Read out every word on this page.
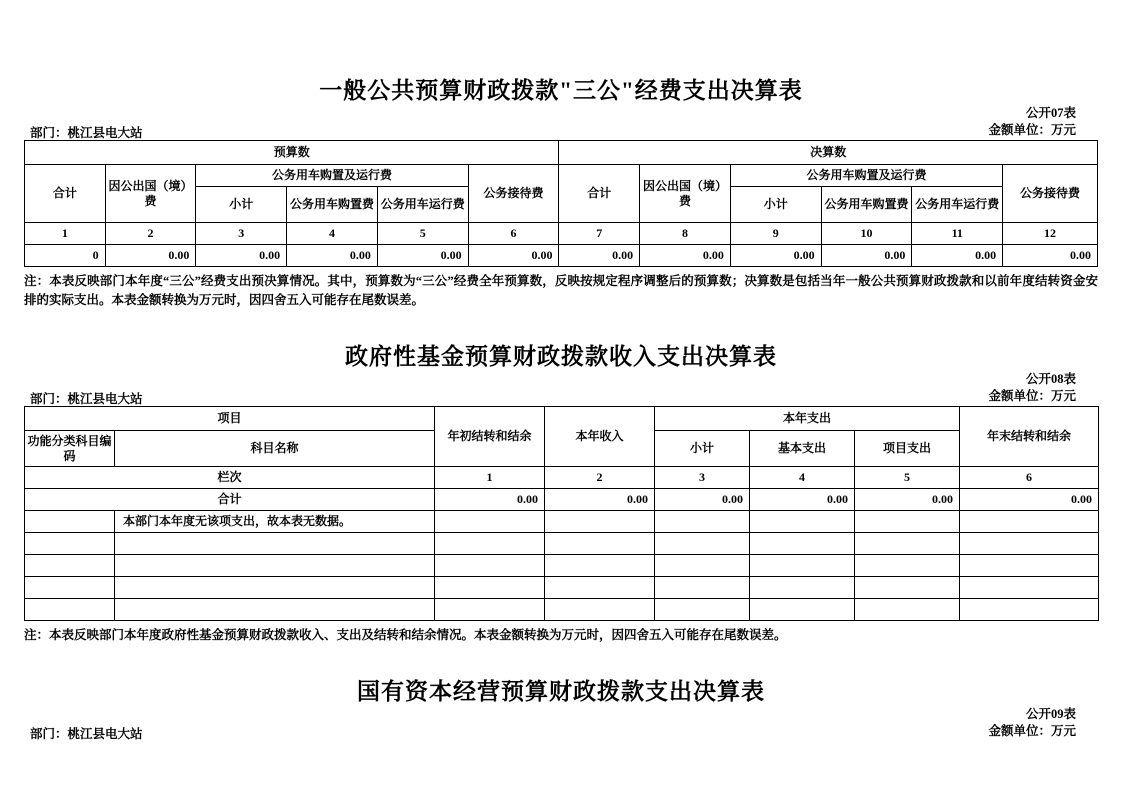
一般公共预算财政拨款"三公"经费支出决算表
公开07表
金额单位：万元
部门：桃江县电大站
预算数						决算数					
合计	因公出国（境）费	公务用车购置及运行费			公务接待费	合计	因公出国（境）费	公务用车购置及运行费			公务接待费
		小计	公务用车购置费	公务用车运行费				小计	公务用车购置费	公务用车运行费	
1	2	3	4	5	6	7	8	9	10	11	12
0	0.00	0.00	0.00	0.00	0.00	0.00	0.00	0.00	0.00	0.00	0.00
注：本表反映部门本年度“三公”经费支出预决算情况。其中，预算数为“三公”经费全年预算数，反映按规定程序调整后的预算数；决算数是包括当年一般公共预算财政拨款和以前年度结转资金安排的实际支出。本表金额转换为万元时，因四舍五入可能存在尾数误差。
政府性基金预算财政拨款收入支出决算表
公开08表
金额单位：万元
部门：桃江县电大站
项目		年初结转和结余	本年收入	本年支出			年末结转和结余
功能分类科目编码	科目名称			小计	基本支出	项目支出	
栏次		1	2	3	4	5	6
合计		0.00	0.00	0.00	0.00	0.00	0.00
	本部门本年度无该项支出，故本表无数据。						

注：本表反映部门本年度政府性基金预算财政拨款收入、支出及结转和结余情况。本表金额转换为万元时，因四舍五入可能存在尾数误差。
国有资本经营预算财政拨款支出决算表
公开09表
金额单位：万元
部门：桃江县电大站
